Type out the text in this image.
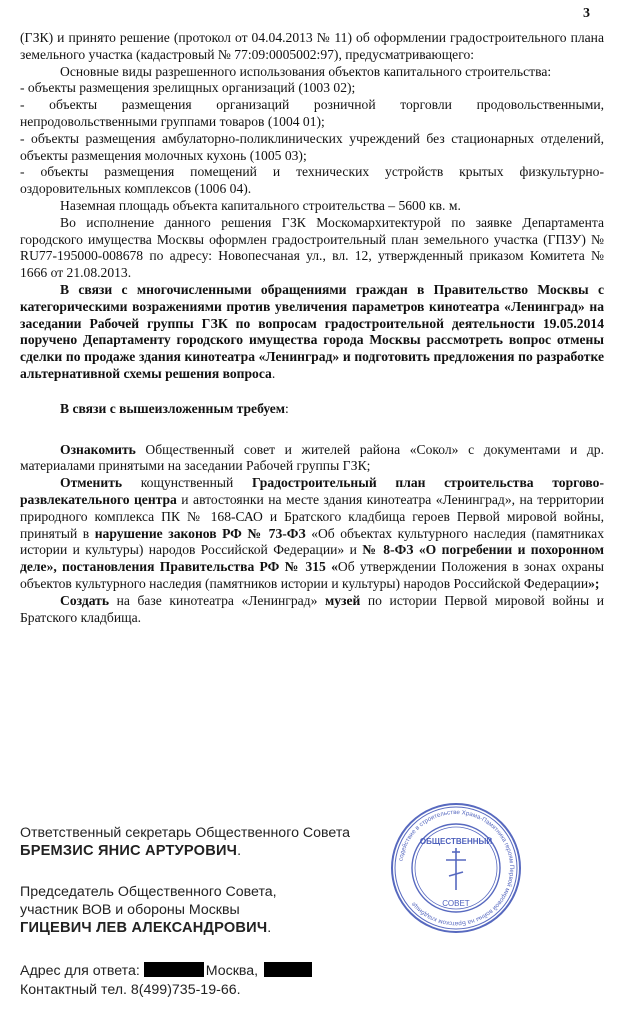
3

(ГЗК) и принято решение (протокол от 04.04.2013 № 11) об оформлении градостроительного плана земельного участка (кадастровый № 77:09:0005002:97), предусматривающего:

Основные виды разрешенного использования объектов капитального строительства:

- объекты размещения зрелищных организаций (1003 02);

- объекты размещения организаций розничной торговли продовольственными, непродовольственными группами товаров (1004 01);

- объекты размещения амбулаторно-поликлинических учреждений без стационарных отделений, объекты размещения молочных кухонь (1005 03);

- объекты размещения помещений и технических устройств крытых физкультурно-оздоровительных комплексов (1006 04).

Наземная площадь объекта капитального строительства – 5600 кв. м.

Во исполнение данного решения ГЗК Москомархитектурой по заявке Департамента городского имущества Москвы оформлен градостроительный план земельного участка (ГПЗУ) № RU77-195000-008678 по адресу: Новопесчаная ул., вл. 12, утвержденный приказом Комитета № 1666 от 21.08.2013.

В связи с многочисленными обращениями граждан в Правительство Москвы с категорическими возражениями против увеличения параметров кинотеатра «Ленинград» на заседании Рабочей группы ГЗК по вопросам градостроительной деятельности 19.05.2014 поручено Департаменту городского имущества города Москвы рассмотреть вопрос отмены сделки по продаже здания кинотеатра «Ленинград» и подготовить предложения по разработке альтернативной схемы решения вопроса.

В связи с вышеизложенным требуем:

Ознакомить Общественный совет и жителей района «Сокол» с документами и др. материалами принятыми на заседании Рабочей группы ГЗК;

Отменить кощунственный Градостроительный план строительства торгово-развлекательного центра и автостоянки на месте здания кинотеатра «Ленинград», на территории природного комплекса ПК № 168-САО и Братского кладбища героев Первой мировой войны, принятый в нарушение законов РФ № 73-ФЗ «Об объектах культурного наследия (памятниках истории и культуры) народов Российской Федерации» и № 8-ФЗ «О погребении и похоронном деле», постановления Правительства РФ № 315 «Об утверждении Положения в зонах охраны объектов культурного наследия (памятников истории и культуры) народов Российской Федерации»;

Создать на базе кинотеатра «Ленинград» музей по истории Первой мировой войны и Братского кладбища.

Ответственный секретарь Общественного Совета
БРЕМЗИС ЯНИС АРТУРОВИЧ.
Председатель Общественного Совета,
участник ВОВ и обороны Москвы
ГИЦЕВИЧ ЛЕВ АЛЕКСАНДРОВИЧ.
Адрес для ответа:	Москва,
Контактный тел. 8(499)735-19-66.
содействие в строительстве Храма-Памятника героям Первой мировой войны на Братском кладбище
ОБЩЕСТВЕННЫЙ
СОВЕТ
